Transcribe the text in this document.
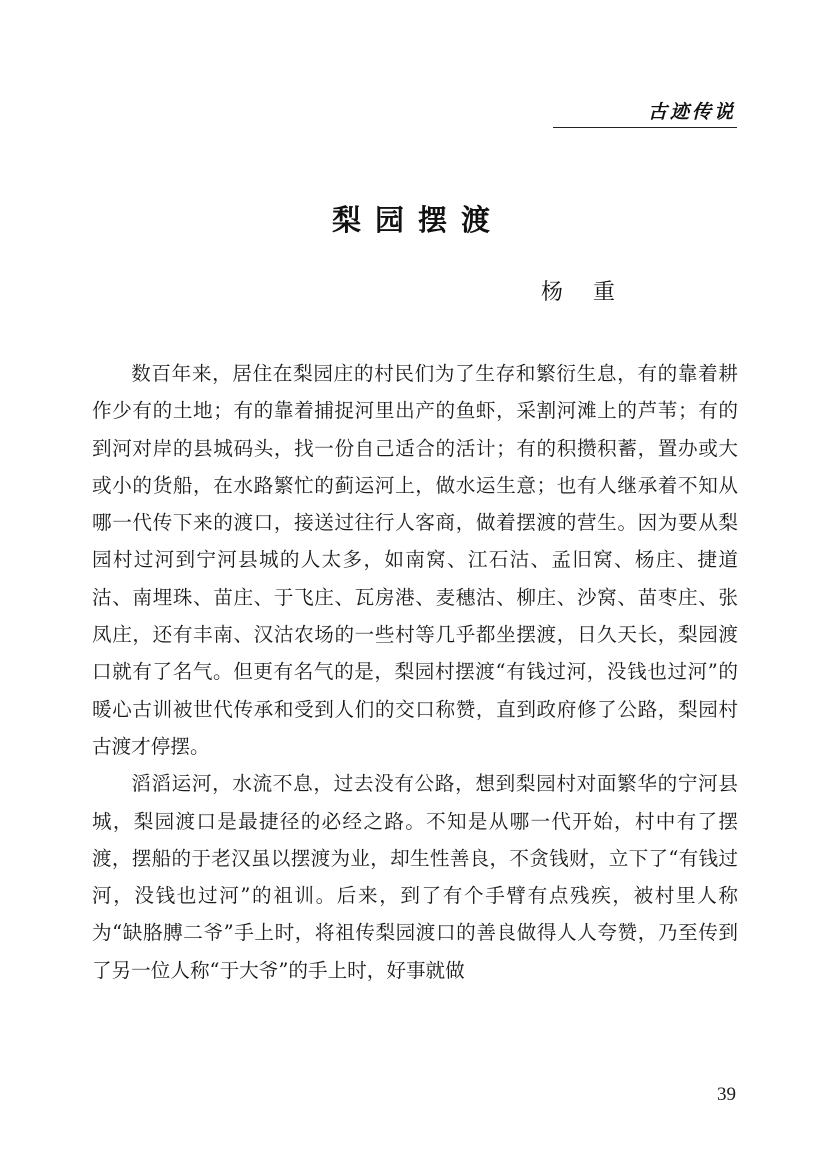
古迹传说
梨园摆渡
杨重

数百年来，居住在梨园庄的村民们为了生存和繁衍生息，有的靠着耕作少有的土地；有的靠着捕捉河里出产的鱼虾，采割河滩上的芦苇；有的到河对岸的县城码头，找一份自己适合的活计；有的积攒积蓄，置办或大或小的货船，在水路繁忙的蓟运河上，做水运生意；也有人继承着不知从哪一代传下来的渡口，接送过往行人客商，做着摆渡的营生。因为要从梨园村过河到宁河县城的人太多，如南窝、江石沽、孟旧窝、杨庄、捷道沽、南埋珠、苗庄、于飞庄、瓦房港、麦穗沽、柳庄、沙窝、苗枣庄、张凤庄，还有丰南、汉沽农场的一些村等几乎都坐摆渡，日久天长，梨园渡口就有了名气。但更有名气的是，梨园村摆渡“有钱过河，没钱也过河”的暖心古训被世代传承和受到人们的交口称赞，直到政府修了公路，梨园村古渡才停摆。

滔滔运河，水流不息，过去没有公路，想到梨园村对面繁华的宁河县城，梨园渡口是最捷径的必经之路。不知是从哪一代开始，村中有了摆渡，摆船的于老汉虽以摆渡为业，却生性善良，不贪钱财，立下了“有钱过河，没钱也过河”的祖训。后来，到了有个手臂有点残疾，被村里人称为“缺胳膊二爷”手上时，将祖传梨园渡口的善良做得人人夸赞，乃至传到了另一位人称“于大爷”的手上时，好事就做

39
